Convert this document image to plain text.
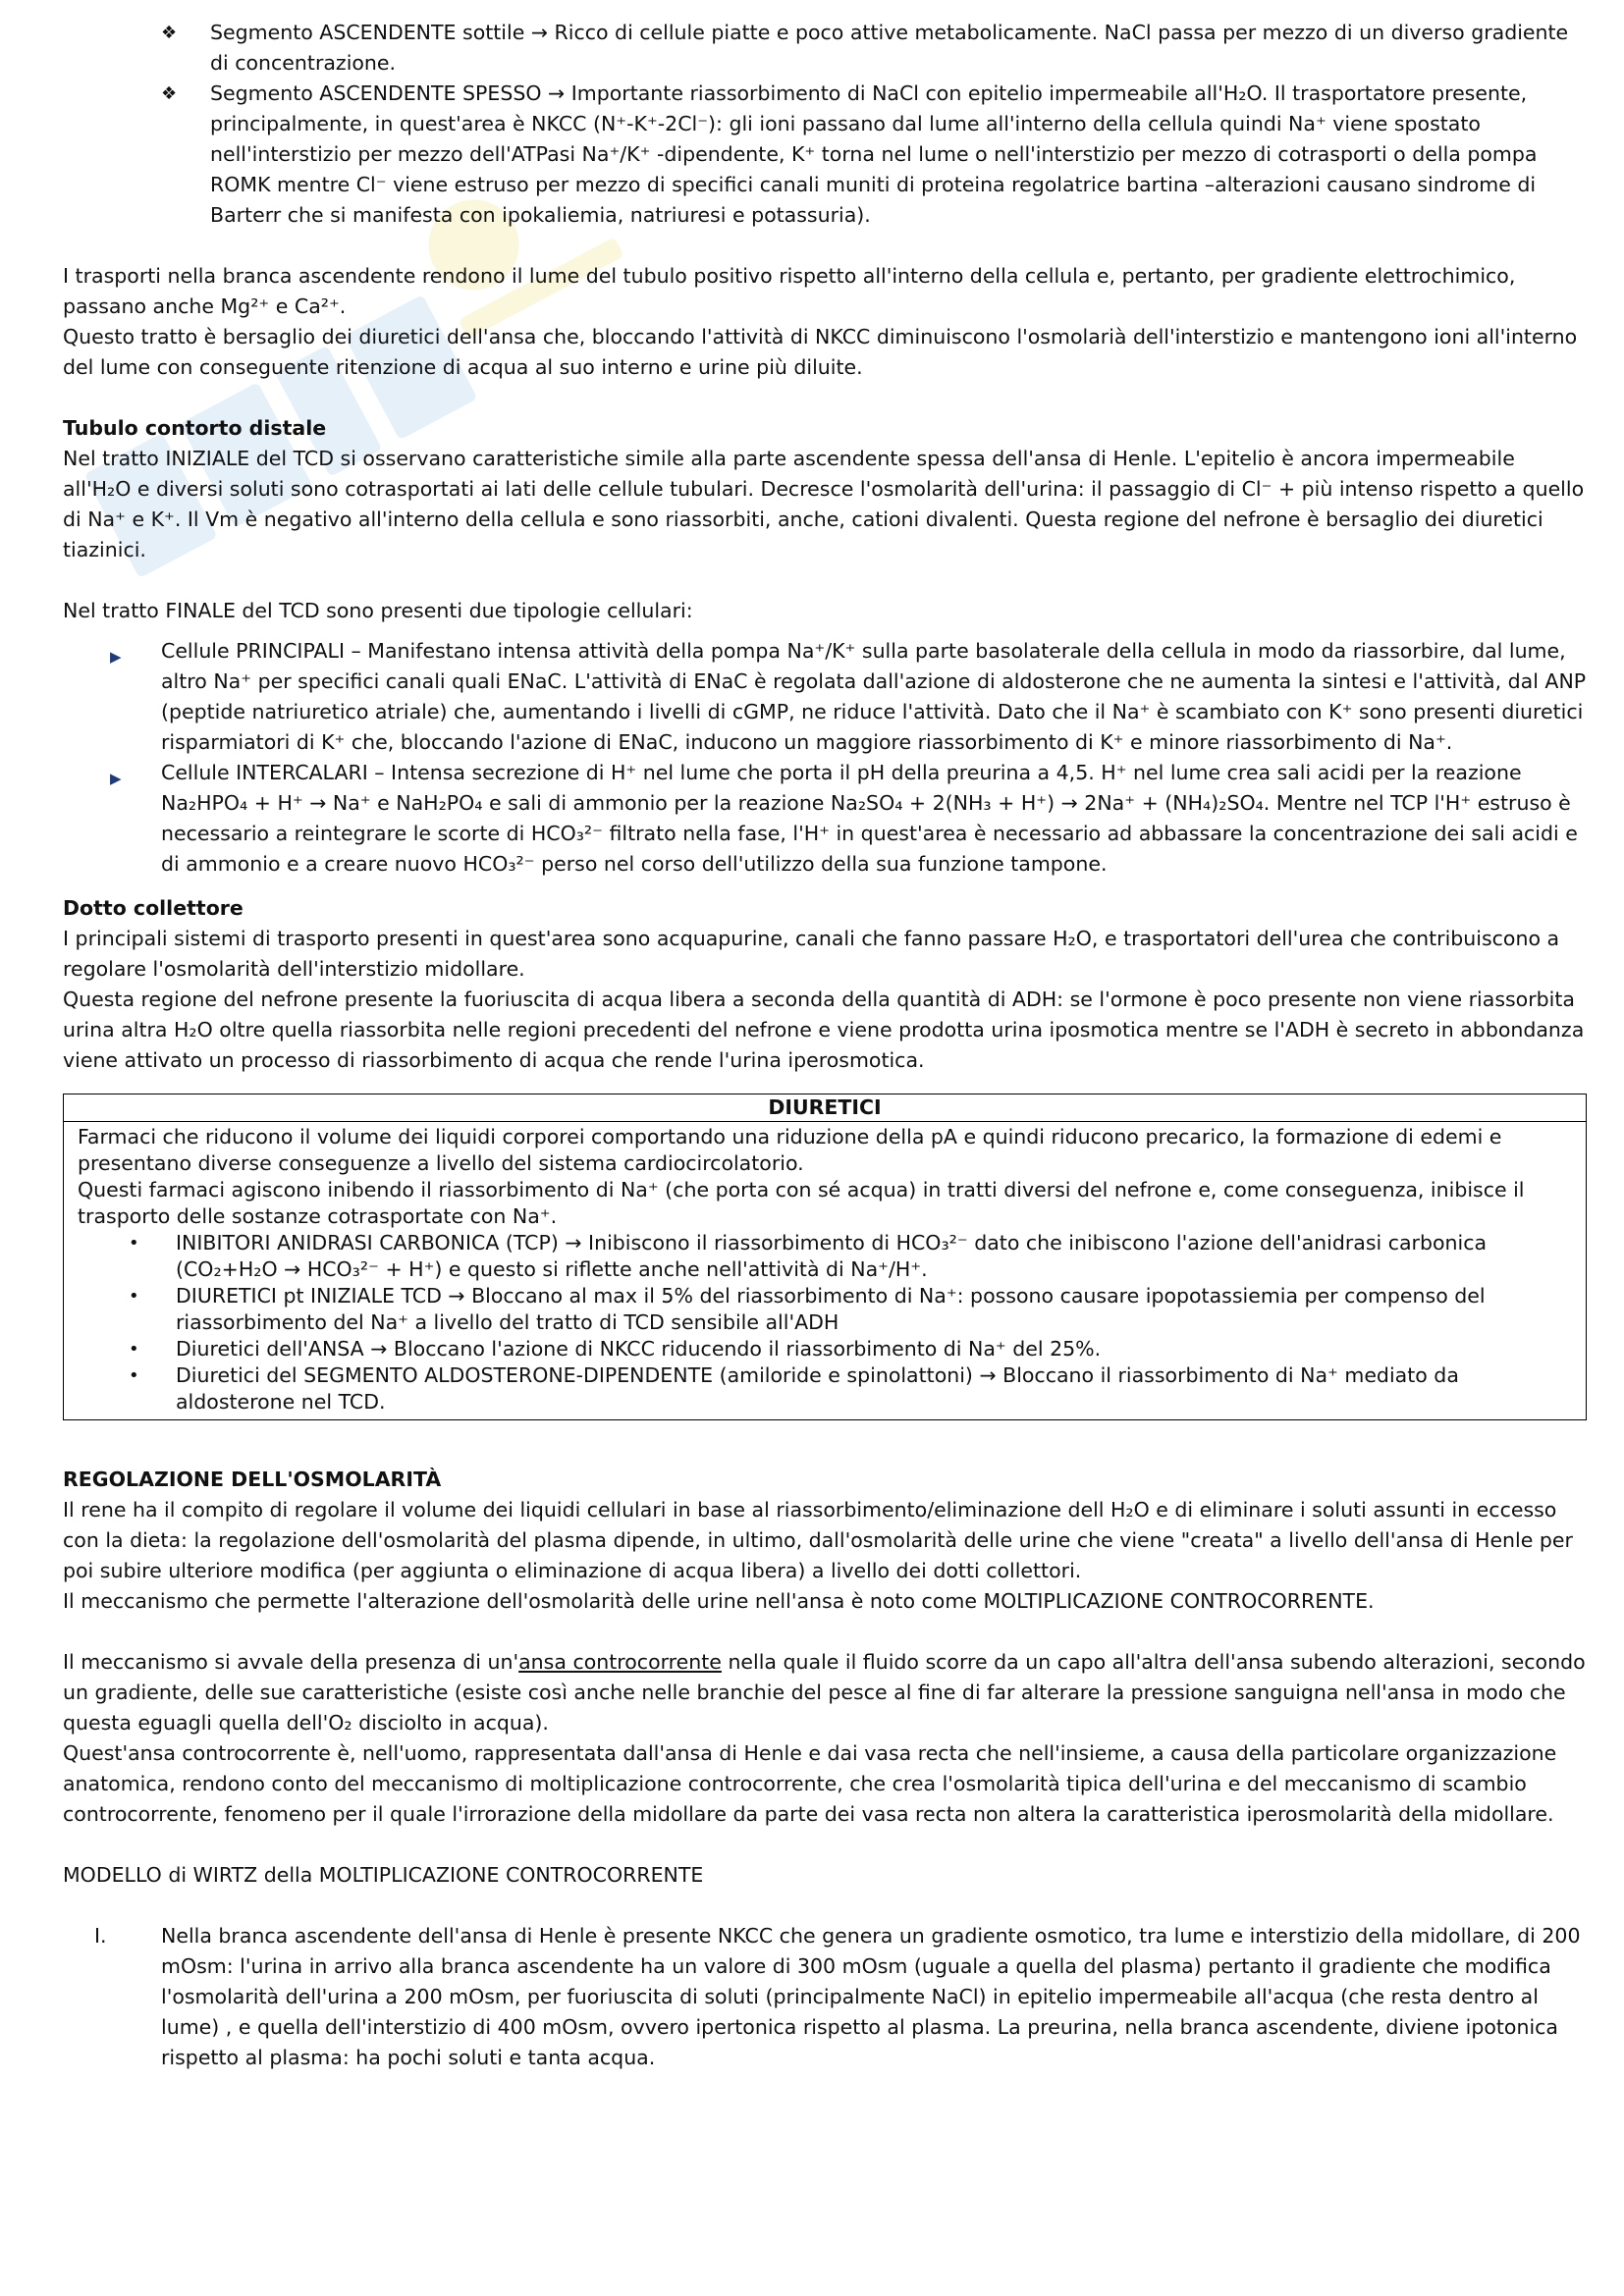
❖ Segmento ASCENDENTE sottile → Ricco di cellule piatte e poco attive metabolicamente. NaCl passa per mezzo di un diverso gradiente di concentrazione.
❖ Segmento ASCENDENTE SPESSO → Importante riassorbimento di NaCl con epitelio impermeabile all'H₂O. Il trasportatore presente, principalmente, in quest'area è NKCC (N⁺-K⁺-2Cl⁻): gli ioni passano dal lume all'interno della cellula quindi Na⁺ viene spostato nell'interstizio per mezzo dell'ATPasi Na⁺/K⁺ -dipendente, K⁺ torna nel lume o nell'interstizio per mezzo di cotrasporti o della pompa ROMK mentre Cl⁻ viene estruso per mezzo di specifici canali muniti di proteina regolatrice bartina –alterazioni causano sindrome di Barterr che si manifesta con ipokaliemia, natriuresi e potassuria).

I trasporti nella branca ascendente rendono il lume del tubulo positivo rispetto all'interno della cellula e, pertanto, per gradiente elettrochimico, passano anche Mg²⁺ e Ca²⁺.

Questo tratto è bersaglio dei diuretici dell'ansa che, bloccando l'attività di NKCC diminuiscono l'osmolarià dell'interstizio e mantengono ioni all'interno del lume con conseguente ritenzione di acqua al suo interno e urine più diluite.

Tubulo contorto distale

Nel tratto INIZIALE del TCD si osservano caratteristiche simile alla parte ascendente spessa dell'ansa di Henle. L'epitelio è ancora impermeabile all'H₂O e diversi soluti sono cotrasportati ai lati delle cellule tubulari. Decresce l'osmolarità dell'urina: il passaggio di Cl⁻ + più intenso rispetto a quello di Na⁺ e K⁺. Il Vm è negativo all'interno della cellula e sono riassorbiti, anche, cationi divalenti. Questa regione del nefrone è bersaglio dei diuretici tiazinici.

Nel tratto FINALE del TCD sono presenti due tipologie cellulari:

▶ Cellule PRINCIPALI – Manifestano intensa attività della pompa Na⁺/K⁺ sulla parte basolaterale della cellula in modo da riassorbire, dal lume, altro Na⁺ per specifici canali quali ENaC. L'attività di ENaC è regolata dall'azione di aldosterone che ne aumenta la sintesi e l'attività, dal ANP (peptide natriuretico atriale) che, aumentando i livelli di cGMP, ne riduce l'attività. Dato che il Na⁺ è scambiato con K⁺ sono presenti diuretici risparmiatori di K⁺ che, bloccando l'azione di ENaC, inducono un maggiore riassorbimento di K⁺ e minore riassorbimento di Na⁺.
▶ Cellule INTERCALARI – Intensa secrezione di H⁺ nel lume che porta il pH della preurina a 4,5. H⁺ nel lume crea sali acidi per la reazione Na₂HPO₄ + H⁺ → Na⁺ e NaH₂PO₄ e sali di ammonio per la reazione Na₂SO₄ + 2(NH₃ + H⁺) → 2Na⁺ + (NH₄)₂SO₄. Mentre nel TCP l'H⁺ estruso è necessario a reintegrare le scorte di HCO₃²⁻ filtrato nella fase, l'H⁺ in quest'area è necessario ad abbassare la concentrazione dei sali acidi e di ammonio e a creare nuovo HCO₃²⁻ perso nel corso dell'utilizzo della sua funzione tampone.

Dotto collettore

I principali sistemi di trasporto presenti in quest'area sono acquapurine, canali che fanno passare H₂O, e trasportatori dell'urea che contribuiscono a regolare l'osmolarità dell'interstizio midollare.

Questa regione del nefrone presente la fuoriuscita di acqua libera a seconda della quantità di ADH: se l'ormone è poco presente non viene riassorbita urina altra H₂O oltre quella riassorbita nelle regioni precedenti del nefrone e viene prodotta urina iposmotica mentre se l'ADH è secreto in abbondanza viene attivato un processo di riassorbimento di acqua che rende l'urina iperosmotica.

DIURETICI

Farmaci che riducono il volume dei liquidi corporei comportando una riduzione della pA e quindi riducono precarico, la formazione di edemi e presentano diverse conseguenze a livello del sistema cardiocircolatorio.

Questi farmaci agiscono inibendo il riassorbimento di Na⁺ (che porta con sé acqua) in tratti diversi del nefrone e, come conseguenza, inibisce il trasporto delle sostanze cotrasportate con Na⁺.

• INIBITORI ANIDRASI CARBONICA (TCP) → Inibiscono il riassorbimento di HCO₃²⁻ dato che inibiscono l'azione dell'anidrasi carbonica (CO₂+H₂O → HCO₃²⁻ + H⁺) e questo si riflette anche nell'attività di Na⁺/H⁺.
• DIURETICI pt INIZIALE TCD → Bloccano al max il 5% del riassorbimento di Na⁺: possono causare ipopotassiemia per compenso del riassorbimento del Na⁺ a livello del tratto di TCD sensibile all'ADH
• Diuretici dell'ANSA → Bloccano l'azione di NKCC riducendo il riassorbimento di Na⁺ del 25%.
• Diuretici del SEGMENTO ALDOSTERONE-DIPENDENTE (amiloride e spinolattoni) → Bloccano il riassorbimento di Na⁺ mediato da aldosterone nel TCD.

REGOLAZIONE DELL'OSMOLARITÀ

Il rene ha il compito di regolare il volume dei liquidi cellulari in base al riassorbimento/eliminazione dell H₂O e di eliminare i soluti assunti in eccesso con la dieta: la regolazione dell'osmolarità del plasma dipende, in ultimo, dall'osmolarità delle urine che viene "creata" a livello dell'ansa di Henle per poi subire ulteriore modifica (per aggiunta o eliminazione di acqua libera) a livello dei dotti collettori.

Il meccanismo che permette l'alterazione dell'osmolarità delle urine nell'ansa è noto come MOLTIPLICAZIONE CONTROCORRENTE.

Il meccanismo si avvale della presenza di un'ansa controcorrente nella quale il fluido scorre da un capo all'altra dell'ansa subendo alterazioni, secondo un gradiente, delle sue caratteristiche (esiste così anche nelle branchie del pesce al fine di far alterare la pressione sanguigna nell'ansa in modo che questa eguagli quella dell'O₂ disciolto in acqua).

Quest'ansa controcorrente è, nell'uomo, rappresentata dall'ansa di Henle e dai vasa recta che nell'insieme, a causa della particolare organizzazione anatomica, rendono conto del meccanismo di moltiplicazione controcorrente, che crea l'osmolarità tipica dell'urina e del meccanismo di scambio controcorrente, fenomeno per il quale l'irrorazione della midollare da parte dei vasa recta non altera la caratteristica iperosmolarità della midollare.

MODELLO di WIRTZ della MOLTIPLICAZIONE CONTROCORRENTE

I.	Nella branca ascendente dell'ansa di Henle è presente NKCC che genera un gradiente osmotico, tra lume e interstizio della midollare, di 200 mOsm: l'urina in arrivo alla branca ascendente ha un valore di 300 mOsm (uguale a quella del plasma) pertanto il gradiente che modifica l'osmolarità dell'urina a 200 mOsm, per fuoriuscita di soluti (principalmente NaCl) in epitelio impermeabile all'acqua (che resta dentro al lume) , e quella dell'interstizio di 400 mOsm, ovvero ipertonica rispetto al plasma. La preurina, nella branca ascendente, diviene ipotonica rispetto al plasma: ha pochi soluti e tanta acqua.
